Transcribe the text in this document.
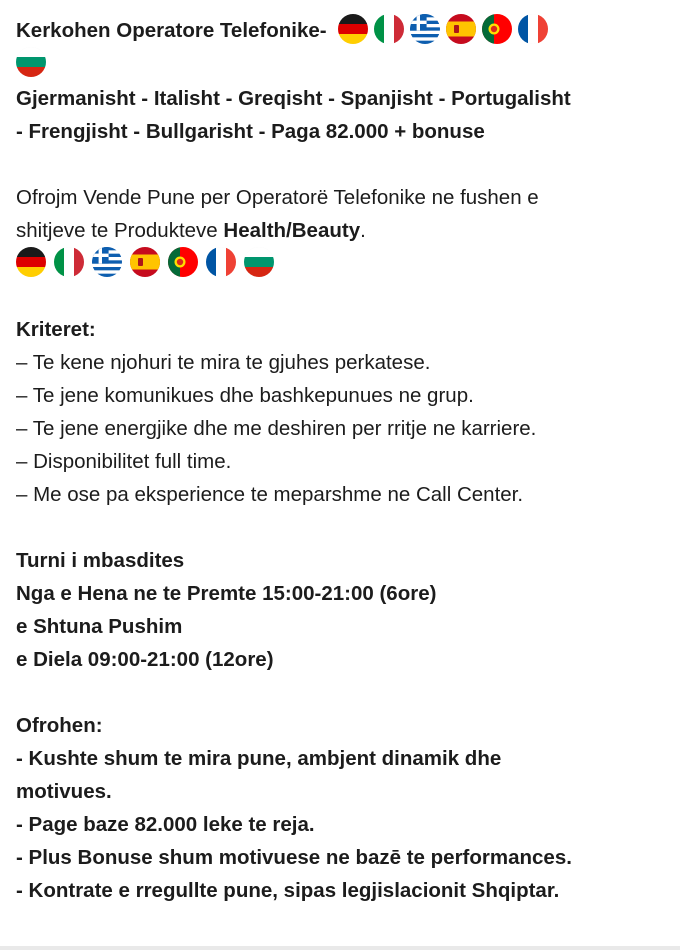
Kerkohen Operatore Telefonike-
Gjermanisht - Italisht - Greqisht - Spanjisht - Portugalisht
- Frengjisht - Bullgarisht - Paga 82.000 + bonuse
Ofrojm Vende Pune per Operatorë Telefonike ne fushen e
shitjeve te Produkteve Health/Beauty.
Kriteret:
– Te kene njohuri te mira te gjuhes perkatese.
– Te jene komunikues dhe bashkepunues ne grup.
– Te jene energjike dhe me deshiren per rritje ne karriere.
– Disponibilitet full time.
– Me ose pa eksperience te meparshme ne Call Center.
Turni i mbasdites
Nga e Hena ne te Premte 15:00-21:00 (6ore)
e Shtuna Pushim
e Diela 09:00-21:00 (12ore)
Ofrohen:
- Kushte shum te mira pune, ambjent dinamik dhe
motivues.
- Page baze 82.000 leke te reja.
- Plus Bonuse shum motivuese ne bazē te performances.
- Kontrate e rregullte pune, sipas legjislacionit Shqiptar.
